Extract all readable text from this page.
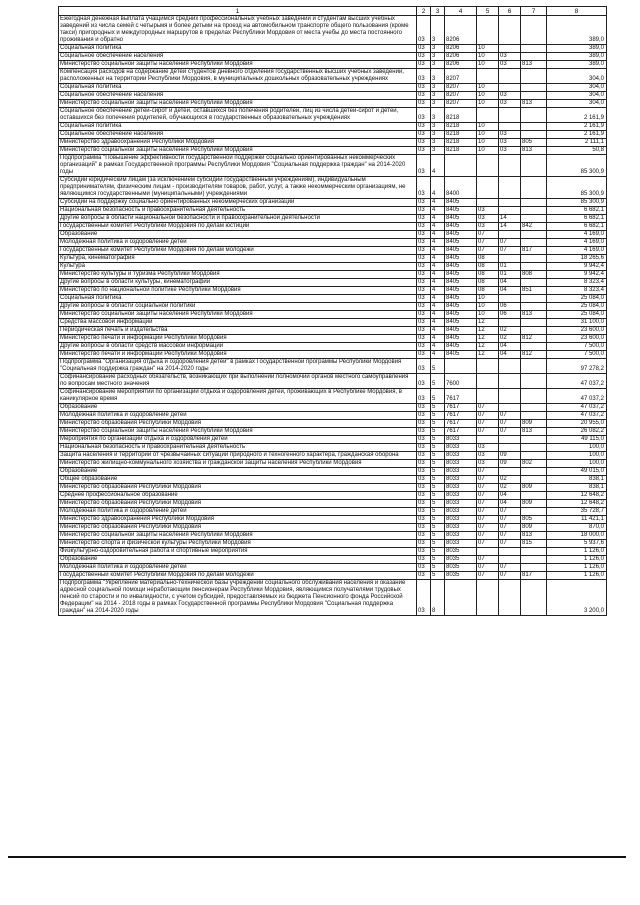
1	2	3	4	5	6	7	8
Ежегодная денежная выплата учащимся средних профессиональных учебных заведений и студентам высших учебных заведений из числа семей с четырьмя и более детьми на проезд на автомобильном транспорте общего пользования (кроме такси) пригородных и междугородных маршрутов в пределах Республики Мордовия от места учебы до места постоянного проживания и обратно	03	3	8206				389,0
Социальная политика	03	3	8206	10			389,0
Социальное обеспечение населения	03	3	8206	10	03		389,0
Министерство социальной защиты населения Республики Мордовия	03	3	8206	10	03	813	389,0
Компенсация расходов на содержание детей студентов дневного отделения государственных высших учебных заведений, расположенных на территории Республики Мордовия, в муниципальных дошкольных образовательных учреждениях	03	3	8207				304,0
Социальная политика	03	3	8207	10			304,0
Социальное обеспечение населения	03	3	8207	10	03		304,0
Министерство социальной защиты населения Республики Мордовия	03	3	8207	10	03	813	304,0
Социальное обеспечение детей-сирот и детей, оставшихся без попечения родителей, лиц из числа детей-сирот и детей, оставшихся без попечения родителей, обучающихся в государственных образовательных учреждениях	03	3	8218				2 161,9
Социальная политика	03	3	8218	10			2 161,9
Социальное обеспечение населения	03	3	8218	10	03		2 161,9
Министерство здравоохранения Республики Мордовия	03	3	8218	10	03	805	2 111,1
Министерство социальной защиты населения Республики Мордовия	03	3	8218	10	03	813	50,8
Подпрограмма "Повышение эффективности государственной поддержки социально ориентированных некоммерческих организаций" в рамках Государственной программы Республики Мордовия "Социальная поддержка граждан" на 2014-2020 годы	03	4					85 300,9
Субсидии юридическим лицам (за исключением субсидий государственным учреждениям), индивидуальным предпринимателям, физическим лицам - производителям товаров, работ, услуг, а также некоммерческим организациям, не являющимся государственными (муниципальными) учреждениями	03	4	8400				85 300,9
Субсидии на поддержку социально ориентированных некоммерческих организаций	03	4	8405				85 300,9
Национальная безопасность и правоохранительная деятельность	03	4	8405	03			6 682,1
Другие вопросы в области национальной безопасности и правоохранительной деятельности	03	4	8405	03	14		6 682,1
Государственный комитет Республики Мордовия по делам юстиции	03	4	8405	03	14	842	6 682,1
Образование	03	4	8405	07			4 169,0
Молодежная политика и оздоровление детей	03	4	8405	07	07		4 169,0
Государственный комитет Республики Мордовия по делам молодежи	03	4	8405	07	07	817	4 169,0
Культура, кинематография	03	4	8405	08			18 265,6
Культура	03	4	8405	08	01		9 942,4
Министерство культуры и туризма Республики Мордовия	03	4	8405	08	01	808	9 942,4
Другие вопросы в области культуры, кинематографии	03	4	8405	08	04		8 323,4
Министерство по национальной политике Республики Мордовия	03	4	8405	08	04	851	8 323,4
Социальная политика	03	4	8405	10			25 084,0
Другие вопросы в области социальной политики	03	4	8405	10	06		25 084,0
Министерство социальной защиты населения Республики Мордовия	03	4	8405	10	06	813	25 084,0
Средства массовой информации	03	4	8405	12			31 100,0
Периодическая печать и издательства	03	4	8405	12	02		23 600,0
Министерство печати и информации Республики Мордовия	03	4	8405	12	02	812	23 600,0
Другие вопросы в области средств массовой информации	03	4	8405	12	04		7 500,0
Министерство печати и информации Республики Мордовия	03	4	8405	12	04	812	7 500,0
Подпрограмма "Организация отдыха и оздоровления детей" в рамках Государственной программы Республики Мордовия "Социальная поддержка граждан" на 2014-2020 годы	03	5					97 278,2
Софинансирование расходных обязательств, возникающих при выполнении полномочий органов местного самоуправления по вопросам местного значения	03	5	7600				47 037,2
Софинансирование мероприятий по организации отдыха и оздоровления детей, проживающих в Республике Мордовия, в каникулярное время	03	5	7617				47 037,2
Образование	03	5	7617	07			47 037,2
Молодежная политика и оздоровление детей	03	5	7617	07	07		47 037,2
Министерство образования Республики Мордовия	03	5	7617	07	07	809	20 955,0
Министерство социальной защиты населения Республики Мордовия	03	5	7617	07	07	813	26 082,2
Мероприятия по организации отдыха и оздоровления детей	03	5	8033				49 115,0
Национальная безопасность и правоохранительная деятельность	03	5	8033	03			100,0
Защита населения и территории от чрезвычайных ситуаций природного и техногенного характера, гражданская оборона	03	5	8033	03	09		100,0
Министерство жилищно-коммунального хозяйства и гражданской защиты населения Республики Мордовия	03	5	8033	03	09	802	100,0
Образование	03	5	8033	07			49 015,0
Общее образование	03	5	8033	07	02		838,1
Министерство образования Республики Мордовия	03	5	8033	07	02	809	838,1
Среднее профессиональное образование	03	5	8033	07	04		12 648,2
Министерство образования Республики Мордовия	03	5	8033	07	04	809	12 648,2
Молодежная политика и оздоровление детей	03	5	8033	07	07		35 728,7
Министерство здравоохранения Республики Мордовия	03	5	8033	07	07	805	11 421,1
Министерство образования Республики Мордовия	03	5	8033	07	07	809	870,0
Министерство социальной защиты населения Республики Мордовия	03	5	8033	07	07	813	18 000,0
Министерство спорта и физической культуры Республики Мордовия	03	5	8033	07	07	815	5 937,6
Физкультурно-оздоровительная работа и спортивные мероприятия	03	5	8035				1 126,0
Образование	03	5	8035	07			1 126,0
Молодежная политика и оздоровление детей	03	5	8035	07	07		1 126,0
Государственный комитет Республики Мордовия по делам молодежи	03	5	8035	07	07	817	1 126,0
Подпрограмма "Укрепление материально-технической базы учреждений социального обслуживания населения и оказание адресной социальной помощи неработающим пенсионерам Республики Мордовия, являющимся получателями трудовых пенсий по старости и по инвалидности, с учетом субсидий, предоставляемых из бюджета Пенсионного фонда Российской Федерации" на 2014 - 2018 годы в рамках Государственной программы Республики Мордовия "Социальная поддержка граждан" на 2014-2020 годы	03	8					3 200,0
